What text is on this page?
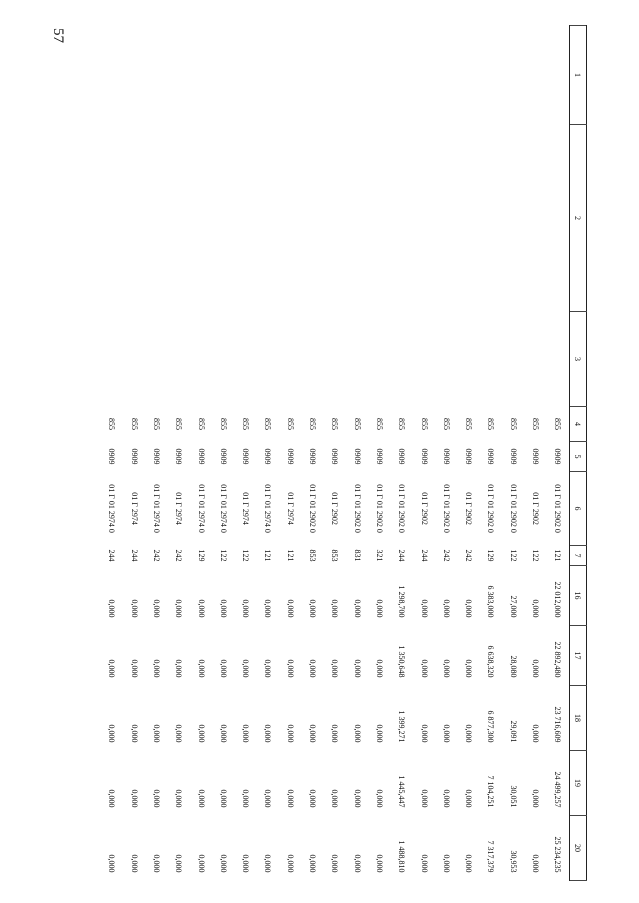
57
1	2	3	4	5	6	7	16	17	18	19	20
			855	0909	01 Г 01 2902 0	121	22 012,000	22 892,480	23 716,609	24 499,257	25 234,235
			855	0909	01 Г 2902	122	0,000	0,000	0,000	0,000	0,000
			855	0909	01 Г 01 2902 0	122	27,000	28,080	29,091	30,051	30,953
			855	0909	01 Г 01 2902 0	129	6 383,000	6 638,320	6 877,300	7 104,251	7 317,379
			855	0909	01 Г 2902	242	0,000	0,000	0,000	0,000	0,000
			855	0909	01 Г 01 2902 0	242	0,000	0,000	0,000	0,000	0,000
			855	0909	01 Г 2902	244	0,000	0,000	0,000	0,000	0,000
			855	0909	01 Г 01 2902 0	244	1 298,700	1 350,648	1 399,271	1 445,447	1 488,810
			855	0909	01 Г 01 2902 0	321	0,000	0,000	0,000	0,000	0,000
			855	0909	01 Г 01 2902 0	831	0,000	0,000	0,000	0,000	0,000
			855	0909	01 Г 2902	853	0,000	0,000	0,000	0,000	0,000
			855	0909	01 Г 01 2902 0	853	0,000	0,000	0,000	0,000	0,000
			855	0909	01 Г 2974	121	0,000	0,000	0,000	0,000	0,000
			855	0909	01 Г 01 2974 0	121	0,000	0,000	0,000	0,000	0,000
			855	0909	01 Г 2974	122	0,000	0,000	0,000	0,000	0,000
			855	0909	01 Г 01 2974 0	122	0,000	0,000	0,000	0,000	0,000
			855	0909	01 Г 01 2974 0	129	0,000	0,000	0,000	0,000	0,000
			855	0909	01 Г 2974	242	0,000	0,000	0,000	0,000	0,000
			855	0909	01 Г 01 2974 0	242	0,000	0,000	0,000	0,000	0,000
			855	0909	01 Г 2974	244	0,000	0,000	0,000	0,000	0,000
			855	0909	01 Г 01 2974 0	244	0,000	0,000	0,000	0,000	0,000
